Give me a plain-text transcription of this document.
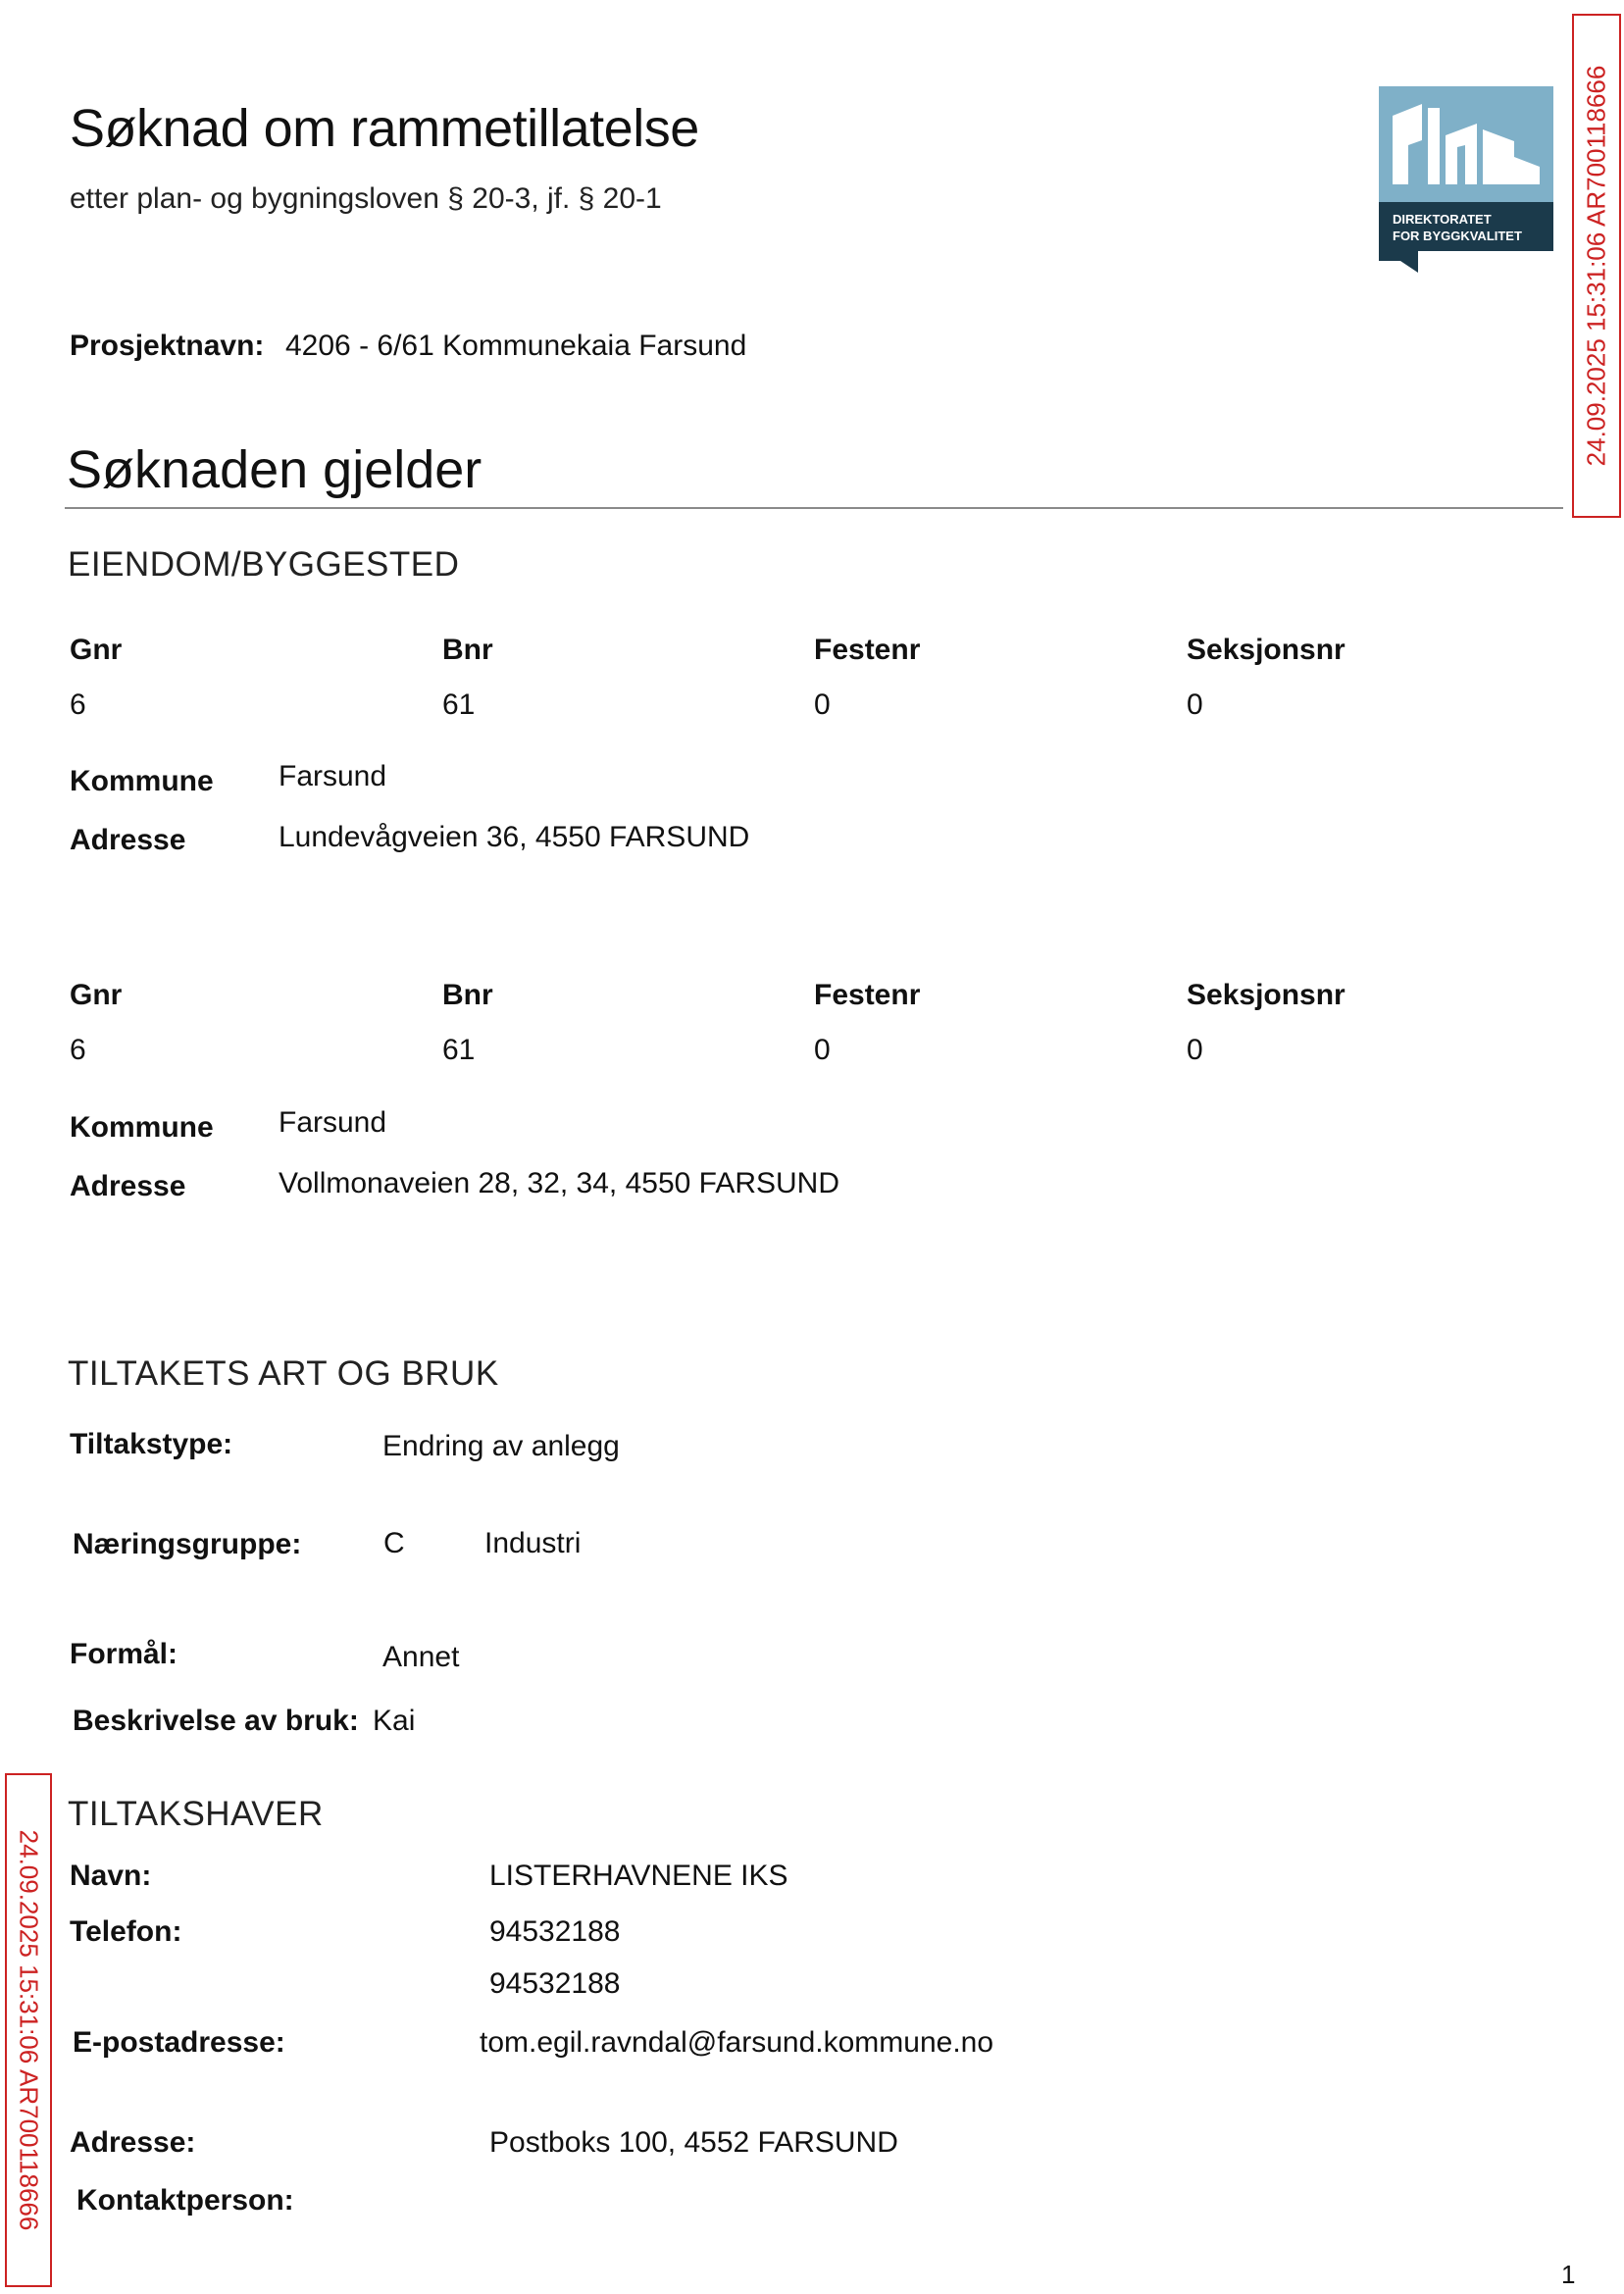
Søknad om rammetillatelse
etter plan- og bygningsloven § 20-3, jf. § 20-1
DIREKTORATET
FOR BYGGKVALITET 24.09.2025 15:31:06 AR700118666
24.09.2025 15:31:06 AR700118666
Prosjektnavn: 4206 - 6/61 Kommunekaia Farsund
Søknaden gjelder
EIENDOM/BYGGESTED
Gnr	Bnr	Festenr	Seksjonsnr
6	61	0	0
Kommune Farsund
Adresse	Lundevågveien 36, 4550 FARSUND
Gnr	Bnr	Festenr	Seksjonsnr
6	61	0	0
Kommune Farsund
Adresse	Vollmonaveien 28, 32, 34, 4550 FARSUND
TILTAKETS ART OG BRUK
Tiltakstype:	Endring av anlegg
Næringsgruppe:	C	Industri
Formål:	Annet
Beskrivelse av bruk: Kai
TILTAKSHAVER
Navn:	LISTERHAVNENE IKS
Telefon:	94532188
94532188
E-postadresse:	tom.egil.ravndal@farsund.kommune.no
Adresse:	Postboks 100, 4552 FARSUND
Kontaktperson:
1
